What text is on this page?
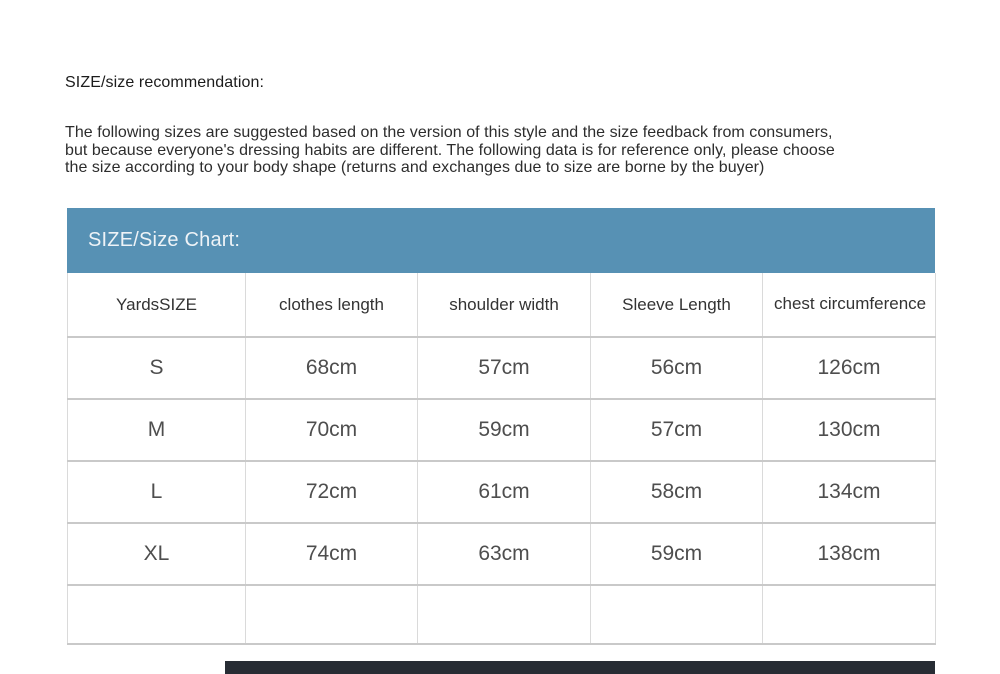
SIZE/size recommendation:
The following sizes are suggested based on the version of this style and the size feedback from consumers,
but because everyone's dressing habits are different. The following data is for reference only, please choose
the size according to your body shape (returns and exchanges due to size are borne by the buyer)
SIZE/Size Chart:
YardsSIZE	clothes length	shoulder width	Sleeve Length	chest circumference
S	68cm	57cm	56cm	126cm
M	70cm	59cm	57cm	130cm
L	72cm	61cm	58cm	134cm
XL	74cm	63cm	59cm	138cm
